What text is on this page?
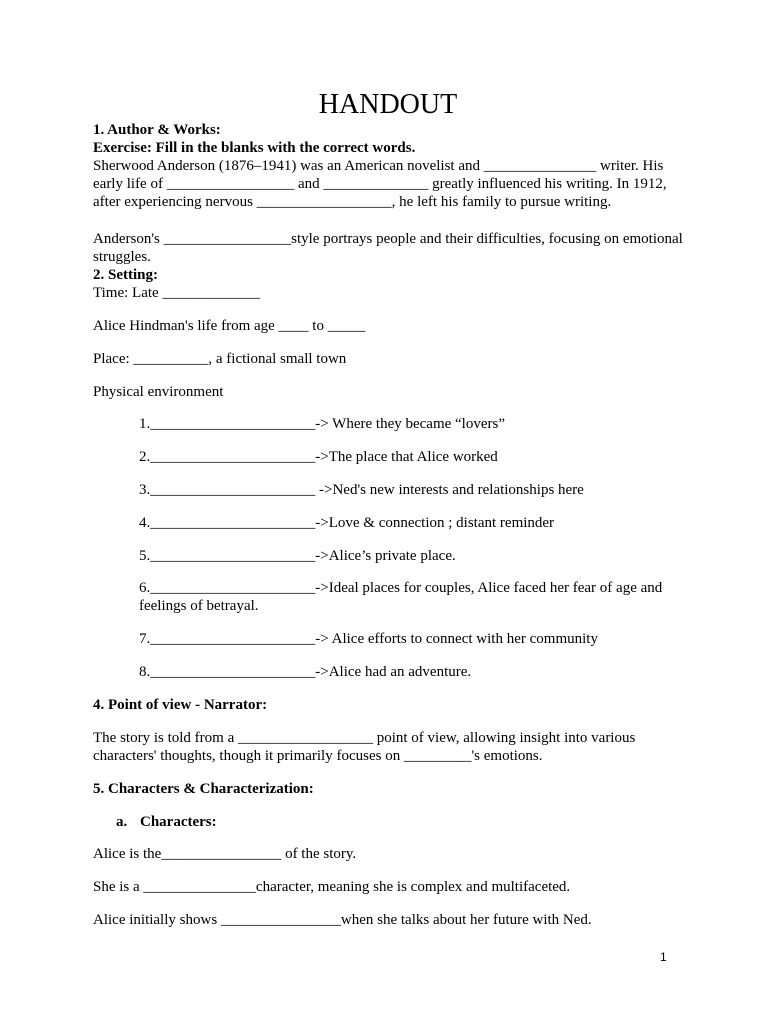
HANDOUT
1. Author & Works:
Exercise: Fill in the blanks with the correct words.
Sherwood Anderson (1876–1941) was an American novelist and _______________ writer. His early life of _________________ and ______________ greatly influenced his writing. In 1912, after experiencing nervous __________________, he left his family to pursue writing.
Anderson's _________________style portrays people and their difficulties, focusing on emotional struggles.
2. Setting:
Time: Late _____________
Alice Hindman's life from age ____ to _____
Place: __________, a fictional small town
Physical environment
1.______________________-> Where they became “lovers”
2.______________________->The place that Alice worked
3.______________________ ->Ned's new interests and relationships here
4.______________________->Love & connection ; distant reminder
5.______________________->Alice’s private place.
6.______________________->Ideal places for couples, Alice faced her fear of age and feelings of betrayal.
7.______________________-> Alice efforts to connect with her community
8.______________________->Alice had an adventure.
4. Point of view - Narrator:
The story is told from a __________________ point of view, allowing insight into various characters' thoughts, though it primarily focuses on _________'s emotions.
5. Characters & Characterization:
a. Characters:
Alice is the________________ of the story.
She is a _______________character, meaning she is complex and multifaceted.
Alice initially shows ________________when she talks about her future with Ned.
1
